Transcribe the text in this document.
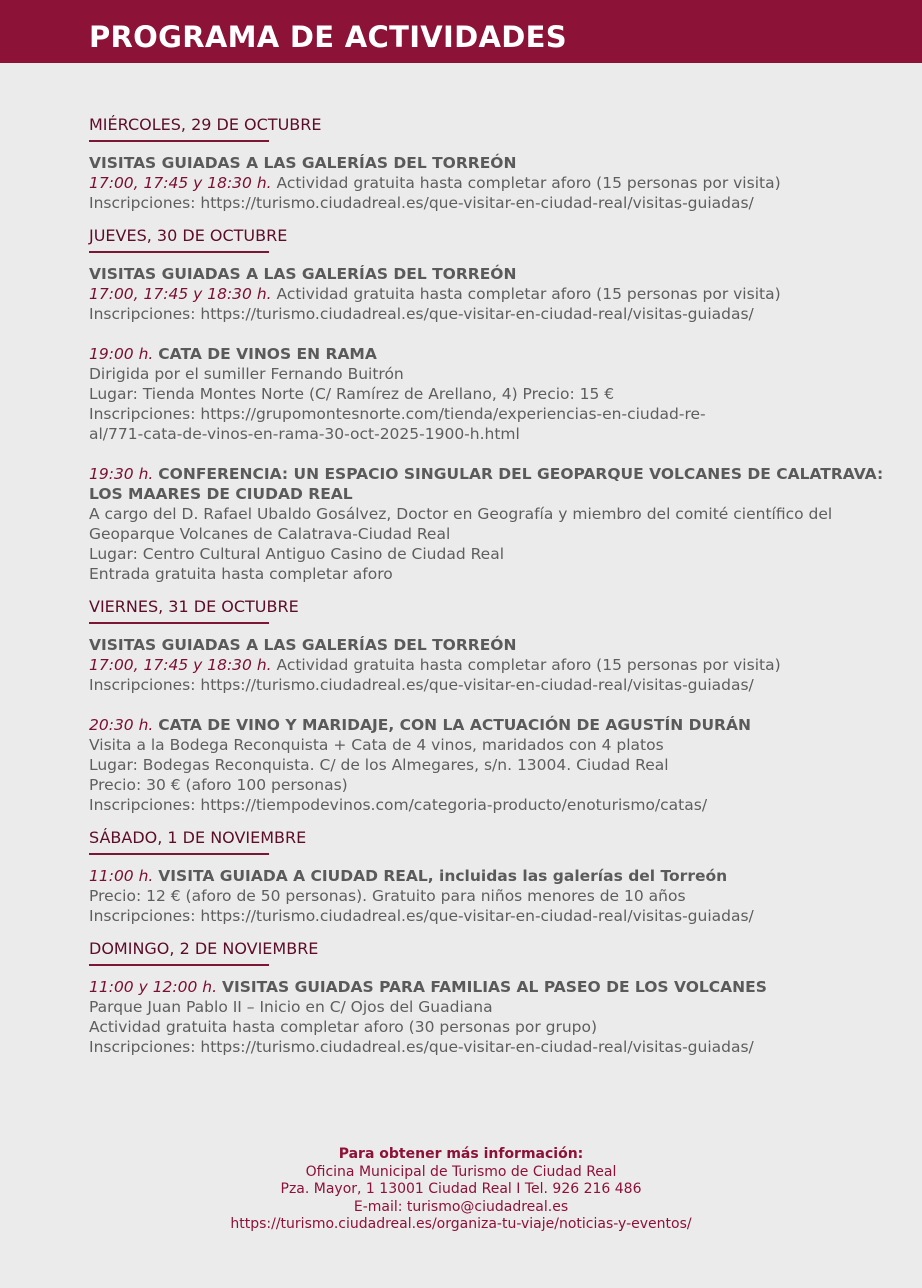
PROGRAMA DE ACTIVIDADES
MIÉRCOLES, 29 DE OCTUBRE
VISITAS GUIADAS A LAS GALERÍAS DEL TORREÓN
17:00, 17:45 y 18:30 h. Actividad gratuita hasta completar aforo (15 personas por visita)
Inscripciones: https://turismo.ciudadreal.es/que-visitar-en-ciudad-real/visitas-guiadas/
JUEVES, 30 DE OCTUBRE
VISITAS GUIADAS A LAS GALERÍAS DEL TORREÓN
17:00, 17:45 y 18:30 h. Actividad gratuita hasta completar aforo (15 personas por visita)
Inscripciones: https://turismo.ciudadreal.es/que-visitar-en-ciudad-real/visitas-guiadas/
19:00 h. CATA DE VINOS EN RAMA
Dirigida por el sumiller Fernando Buitrón
Lugar: Tienda Montes Norte (C/ Ramírez de Arellano, 4) Precio: 15 €
Inscripciones: https://grupomontesnorte.com/tienda/experiencias-en-ciudad-re-
al/771-cata-de-vinos-en-rama-30-oct-2025-1900-h.html
19:30 h. CONFERENCIA: UN ESPACIO SINGULAR DEL GEOPARQUE VOLCANES DE CALATRAVA: LOS MAARES DE CIUDAD REAL
A cargo del D. Rafael Ubaldo Gosálvez, Doctor en Geografía y miembro del comité científico del Geoparque Volcanes de Calatrava-Ciudad Real
Lugar: Centro Cultural Antiguo Casino de Ciudad Real
Entrada gratuita hasta completar aforo
VIERNES, 31 DE OCTUBRE
VISITAS GUIADAS A LAS GALERÍAS DEL TORREÓN
17:00, 17:45 y 18:30 h. Actividad gratuita hasta completar aforo (15 personas por visita)
Inscripciones: https://turismo.ciudadreal.es/que-visitar-en-ciudad-real/visitas-guiadas/
20:30 h. CATA DE VINO Y MARIDAJE, CON LA ACTUACIÓN DE AGUSTÍN DURÁN
Visita a la Bodega Reconquista + Cata de 4 vinos, maridados con 4 platos
Lugar: Bodegas Reconquista. C/ de los Almegares, s/n. 13004. Ciudad Real
Precio: 30 € (aforo 100 personas)
Inscripciones: https://tiempodevinos.com/categoria-producto/enoturismo/catas/
SÁBADO, 1 DE NOVIEMBRE
11:00 h. VISITA GUIADA A CIUDAD REAL, incluidas las galerías del Torreón
Precio: 12 € (aforo de 50 personas). Gratuito para niños menores de 10 años
Inscripciones: https://turismo.ciudadreal.es/que-visitar-en-ciudad-real/visitas-guiadas/
DOMINGO, 2 DE NOVIEMBRE
11:00 y 12:00 h. VISITAS GUIADAS PARA FAMILIAS AL PASEO DE LOS VOLCANES
Parque Juan Pablo II – Inicio en C/ Ojos del Guadiana
Actividad gratuita hasta completar aforo (30 personas por grupo)
Inscripciones: https://turismo.ciudadreal.es/que-visitar-en-ciudad-real/visitas-guiadas/
Para obtener más información:
Oficina Municipal de Turismo de Ciudad Real
Pza. Mayor, 1 13001 Ciudad Real I Tel. 926 216 486
E-mail: turismo@ciudadreal.es
https://turismo.ciudadreal.es/organiza-tu-viaje/noticias-y-eventos/
